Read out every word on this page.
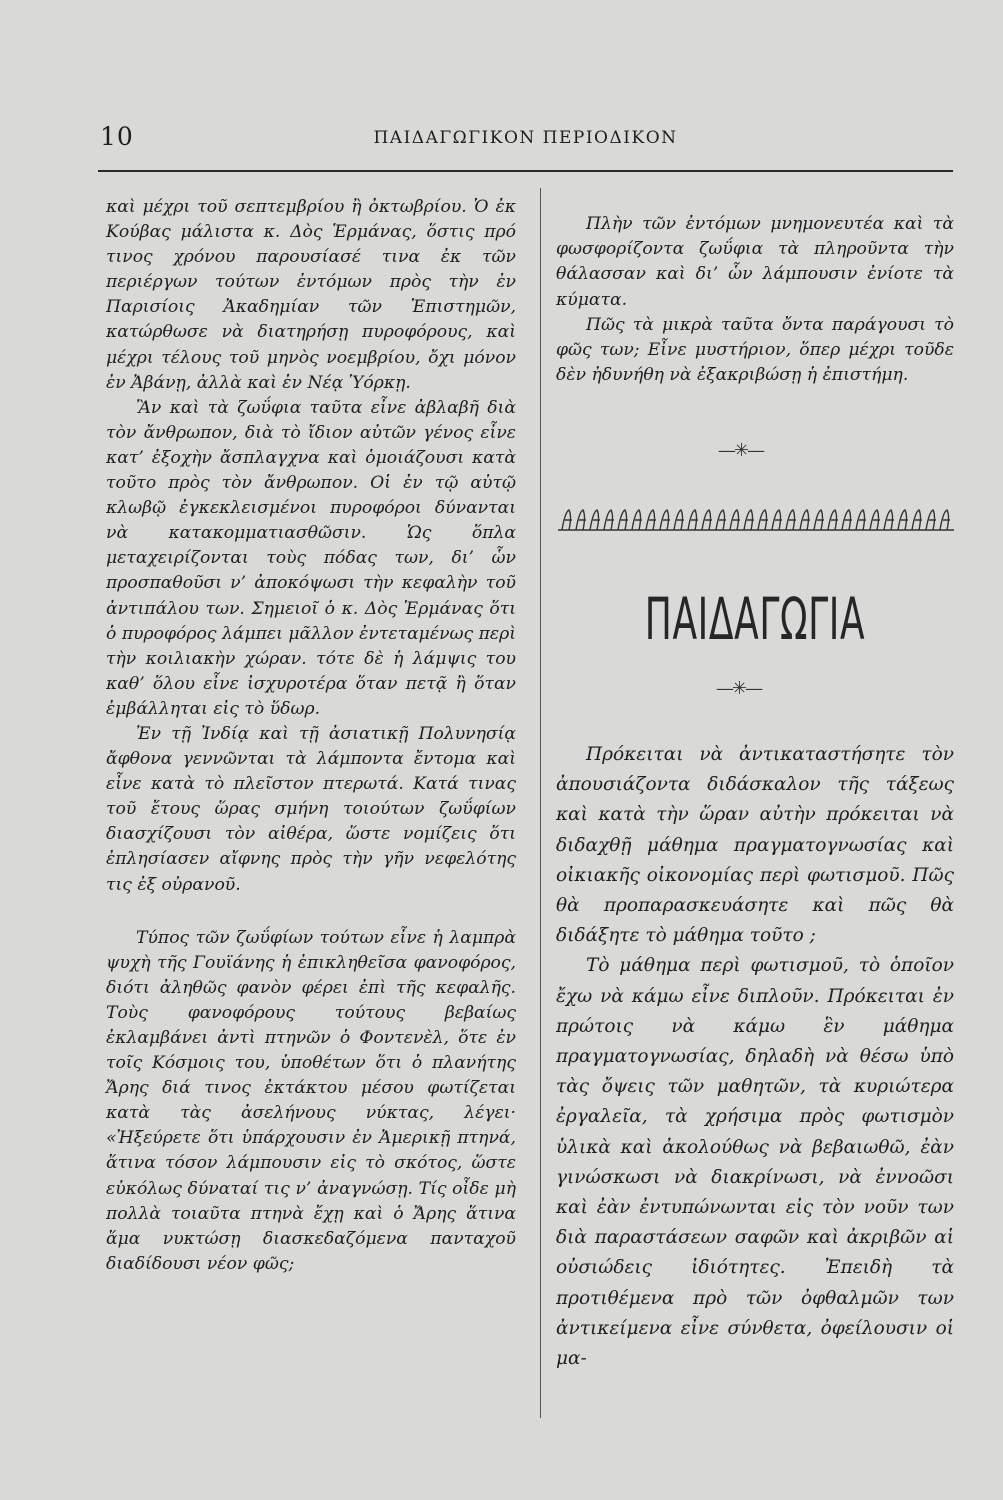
10	ΠΑΙΔΑΓΩΓΙΚΟΝ ΠΕΡΙΟΔΙΚΟΝ

καὶ μέχρι τοῦ σεπτεμβρίου ἢ ὀκτωβρίου. Ὁ ἐκ Κούβας μάλιστα κ. Δὸς Ἑρμάνας, ὅστις πρό τινος χρόνου παρουσίασέ τινα ἐκ τῶν περιέργων τούτων ἐντόμων πρὸς τὴν ἐν Παρισίοις Ἀκαδημίαν τῶν Ἐπιστημῶν, κατώρθωσε νὰ διατηρήσῃ πυροφόρους, καὶ μέχρι τέλους τοῦ μηνὸς νοεμβρίου, ὄχι μόνον ἐν Ἀβάνῃ, ἀλλὰ καὶ ἐν Νέᾳ Ὑόρκῃ.

Ἂν καὶ τὰ ζωΰφια ταῦτα εἶνε ἀβλαβῆ διὰ τὸν ἄνθρωπον, διὰ τὸ ἴδιον αὐτῶν γένος εἶνε κατ’ ἐξοχὴν ἄσπλαγχνα καὶ ὁμοιάζουσι κατὰ τοῦτο πρὸς τὸν ἄνθρωπον. Οἱ ἐν τῷ αὐτῷ κλωβῷ ἐγκεκλεισμένοι πυροφόροι δύνανται νὰ κατακομματιασθῶσιν. Ὡς ὅπλα μεταχειρίζονται τοὺς πόδας των, δι’ ὧν προσπαθοῦσι ν’ ἀποκόψωσι τὴν κεφαλὴν τοῦ ἀντιπάλου των. Σημειοῖ ὁ κ. Δὸς Ἑρμάνας ὅτι ὁ πυροφόρος λάμπει μᾶλλον ἐντεταμένως περὶ τὴν κοιλιακὴν χώραν. τότε δὲ ἡ λάμψις του καθ’ ὅλου εἶνε ἰσχυροτέρα ὅταν πετᾷ ἢ ὅταν ἐμβάλληται εἰς τὸ ὕδωρ.

Ἐν τῇ Ἰνδίᾳ καὶ τῇ ἀσιατικῇ Πολυνησίᾳ ἄφθονα γεννῶνται τὰ λάμποντα ἔντομα καὶ εἶνε κατὰ τὸ πλεῖστον πτερωτά. Κατά τινας τοῦ ἔτους ὥρας σμήνη τοιούτων ζωΰφίων διασχίζουσι τὸν αἰθέρα, ὥστε νομίζεις ὅτι ἐπλησίασεν αἴφνης πρὸς τὴν γῆν νεφελότης τις ἐξ οὐρανοῦ.

Τύπος τῶν ζωΰφίων τούτων εἶνε ἡ λαμπρὰ ψυχὴ τῆς Γουϊάνης ἡ ἐπικληθεῖσα φανοφόρος, διότι ἀληθῶς φανὸν φέρει ἐπὶ τῆς κεφαλῆς. Τοὺς φανοφόρους τούτους βεβαίως ἐκλαμβάνει ἀντὶ πτηνῶν ὁ Φοντενὲλ, ὅτε ἐν τοῖς Κόσμοις του, ὑποθέτων ὅτι ὁ πλανήτης Ἄρης διά τινος ἐκτάκτου μέσου φωτίζεται κατὰ τὰς ἀσελήνους νύκτας, λέγει· «Ἠξεύρετε ὅτι ὑπάρχουσιν ἐν Ἀμερικῇ πτηνά, ἅτινα τόσον λάμπουσιν εἰς τὸ σκότος, ὥστε εὐκόλως δύναταί τις ν’ ἀναγνώσῃ. Τίς οἶδε μὴ πολλὰ τοιαῦτα πτηνὰ ἔχῃ καὶ ὁ Ἄρης ἅτινα ἅμα νυκτώσῃ διασκεδαζόμενα πανταχοῦ διαδίδουσι νέον φῶς;

Πλὴν τῶν ἐντόμων μνημονευτέα καὶ τὰ φωσφορίζοντα ζωΰφια τὰ πληροῦντα τὴν θάλασσαν καὶ δι’ ὧν λάμπουσιν ἐνίοτε τὰ κύματα.

Πῶς τὰ μικρὰ ταῦτα ὄντα παράγουσι τὸ φῶς των; Εἶνε μυστήριον, ὅπερ μέχρι τοῦδε δὲν ἠδυνήθη νὰ ἐξακριβώσῃ ἡ ἐπιστήμη.

—✳—
ΠΑΙΔΑΓΩΓΙΑ
—✳—

Πρόκειται νὰ ἀντικαταστήσητε τὸν ἀπουσιάζοντα διδάσκαλον τῆς τάξεως καὶ κατὰ τὴν ὥραν αὐτὴν πρόκειται νὰ διδαχθῇ μάθημα πραγματογνωσίας καὶ οἰκιακῆς οἰκονομίας περὶ φωτισμοῦ. Πῶς θὰ προπαρασκευάσητε καὶ πῶς θὰ διδάξητε τὸ μάθημα τοῦτο ;

Τὸ μάθημα περὶ φωτισμοῦ, τὸ ὁποῖον ἔχω νὰ κάμω εἶνε διπλοῦν. Πρόκειται ἐν πρώτοις νὰ κάμω ἓν μάθημα πραγματογνωσίας, δηλαδὴ νὰ θέσω ὑπὸ τὰς ὄψεις τῶν μαθητῶν, τὰ κυριώτερα ἐργαλεῖα, τὰ χρήσιμα πρὸς φωτισμὸν ὑλικὰ καὶ ἀκολούθως νὰ βεβαιωθῶ, ἐὰν γινώσκωσι νὰ διακρίνωσι, νὰ ἐννοῶσι καὶ ἐὰν ἐντυπώνωνται εἰς τὸν νοῦν των διὰ παραστάσεων σαφῶν καὶ ἀκριβῶν αἱ οὐσιώδεις ἰδιότητες. Ἐπειδὴ τὰ προτιθέμενα πρὸ τῶν ὀφθαλμῶν των ἀντικείμενα εἶνε σύνθετα, ὀφείλουσιν οἱ μα-
